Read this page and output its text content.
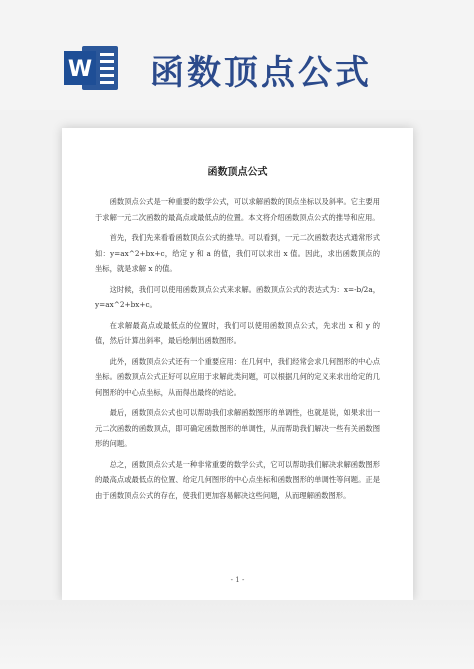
W 函数顶点公式
函数顶点公式

函数顶点公式是一种重要的数学公式，可以求解函数的顶点坐标以及斜率。它主要用于求解一元二次函数的最高点或最低点的位置。本文将介绍函数顶点公式的推导和应用。

首先，我们先来看看函数顶点公式的推导。可以看到，一元二次函数表达式通常形式如：y=ax^2+bx+c，给定 y 和 a 的值，我们可以求出 x 值。因此，求出函数顶点的坐标，就是求解 x 的值。

这时候，我们可以使用函数顶点公式来求解。函数顶点公式的表达式为：x=-b/2a，y=ax^2+bx+c。

在求解最高点或最低点的位置时，我们可以使用函数顶点公式，先求出 x 和 y 的值，然后计算出斜率，最后绘制出函数图形。

此外，函数顶点公式还有一个重要应用：在几何中，我们经常会求几何图形的中心点坐标。函数顶点公式正好可以应用于求解此类问题，可以根据几何的定义来求出给定的几何图形的中心点坐标，从而得出最终的结论。

最后，函数顶点公式也可以帮助我们求解函数图形的单调性，也就是说，如果求出一元二次函数的函数顶点，即可确定函数图形的单调性，从而帮助我们解决一些有关函数图形的问题。

总之，函数顶点公式是一种非常重要的数学公式，它可以帮助我们解决求解函数图形的最高点或最低点的位置、给定几何图形的中心点坐标和函数图形的单调性等问题。正是由于函数顶点公式的存在，使我们更加容易解决这些问题，从而理解函数图形。

- 1 -
